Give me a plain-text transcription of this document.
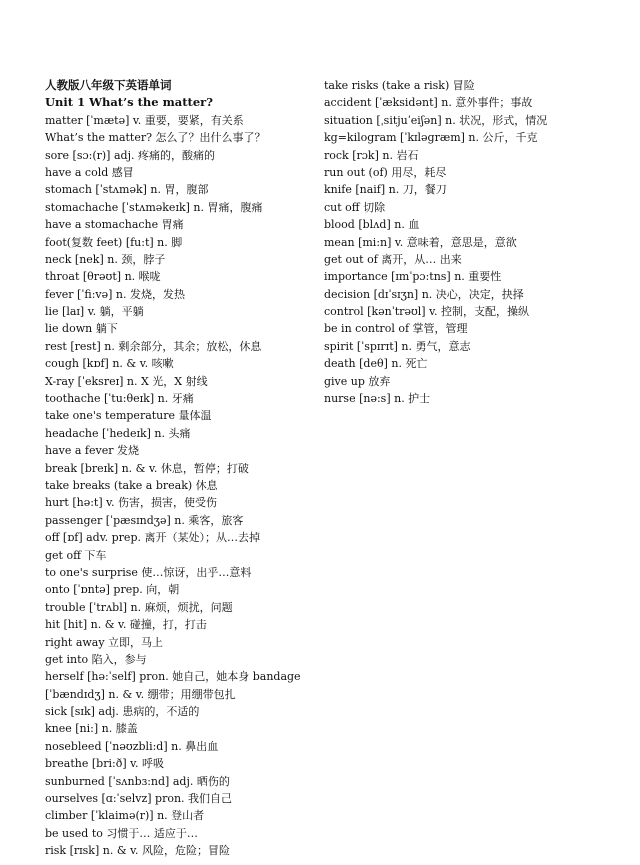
人教版八年级下英语单词
Unit 1 What’s the matter?
matter [ˈmætə] v. 重要，要紧，有关系
What’s the matter? 怎么了？出什么事了？
sore [sɔ:(r)] adj. 疼痛的，酸痛的
have a cold 感冒
stomach [ˈstʌmək] n. 胃，腹部
stomachache [ˈstʌməkeɪk] n. 胃痛，腹痛
have a stomachache 胃痛
foot(复数 feet) [fu:t] n. 脚
neck [nek] n. 颈，脖子
throat [θrəʊt] n. 喉咙
fever [ˈfi:və] n. 发烧，发热
lie [laɪ] v. 躺，平躺
lie down 躺下
rest [rest] n. 剩余部分，其余；放松，休息
cough [kɒf] n. & v. 咳嗽
X-ray [ˈeksreɪ] n. X 光，X 射线
toothache [ˈtu:θeɪk] n. 牙痛
take one's temperature 量体温
headache [ˈhedeɪk] n. 头痛
have a fever 发烧
break [breɪk] n. & v. 休息，暂停；打破
take breaks (take a break) 休息
hurt [hə:t] v. 伤害，损害，使受伤
passenger [ˈpæsɪndʒə] n. 乘客，旅客
off [ɒf] adv. prep. 离开（某处）；从…去掉
get off 下车
to one's surprise 使…惊讶，出乎…意料
onto [ˈɒntə] prep. 向，朝
trouble [ˈtrʌbl] n. 麻烦，烦扰，问题
hit [hit] n. & v. 碰撞，打，打击
right away 立即，马上
get into 陷入，参与
herself [hə:ˈself] pron. 她自己，她本身 bandage
[ˈbændɪdʒ] n. & v. 绷带；用绷带包扎
sick [sɪk] adj. 患病的，不适的
knee [ni:] n. 膝盖
nosebleed [ˈnəʊzbli:d] n. 鼻出血
breathe [bri:ð] v. 呼吸
sunburned [ˈsʌnbɜ:nd] adj. 晒伤的
ourselves [ɑ:ˈselvz] pron. 我们自己
climber [ˈklaimə(r)] n. 登山者
be used to 习惯于… 适应于…
risk [rɪsk] n. & v. 风险，危险；冒险
take risks (take a risk) 冒险
accident [ˈæksidənt] n. 意外事件；事故
situation [ˌsitjuˈeiʃən] n. 状况，形式，情况
kg=kilogram [ˈkɪləgræm] n. 公斤，千克
rock [rɔk] n. 岩石
run out (of) 用尽，耗尽
knife [naif] n. 刀，餐刀
cut off 切除
blood [blʌd] n. 血
mean [mi:n] v. 意味着，意思是，意欲
get out of 离开，从… 出来
importance [ɪmˈpɔ:tns] n. 重要性
decision [dɪˈsɪʒn] n. 决心，决定，抉择
control [kənˈtrəʊl] v. 控制，支配，操纵
be in control of 掌管，管理
spirit [ˈspɪrɪt] n. 勇气，意志
death [deθ] n. 死亡
give up 放弃
nurse [nə:s] n. 护士
